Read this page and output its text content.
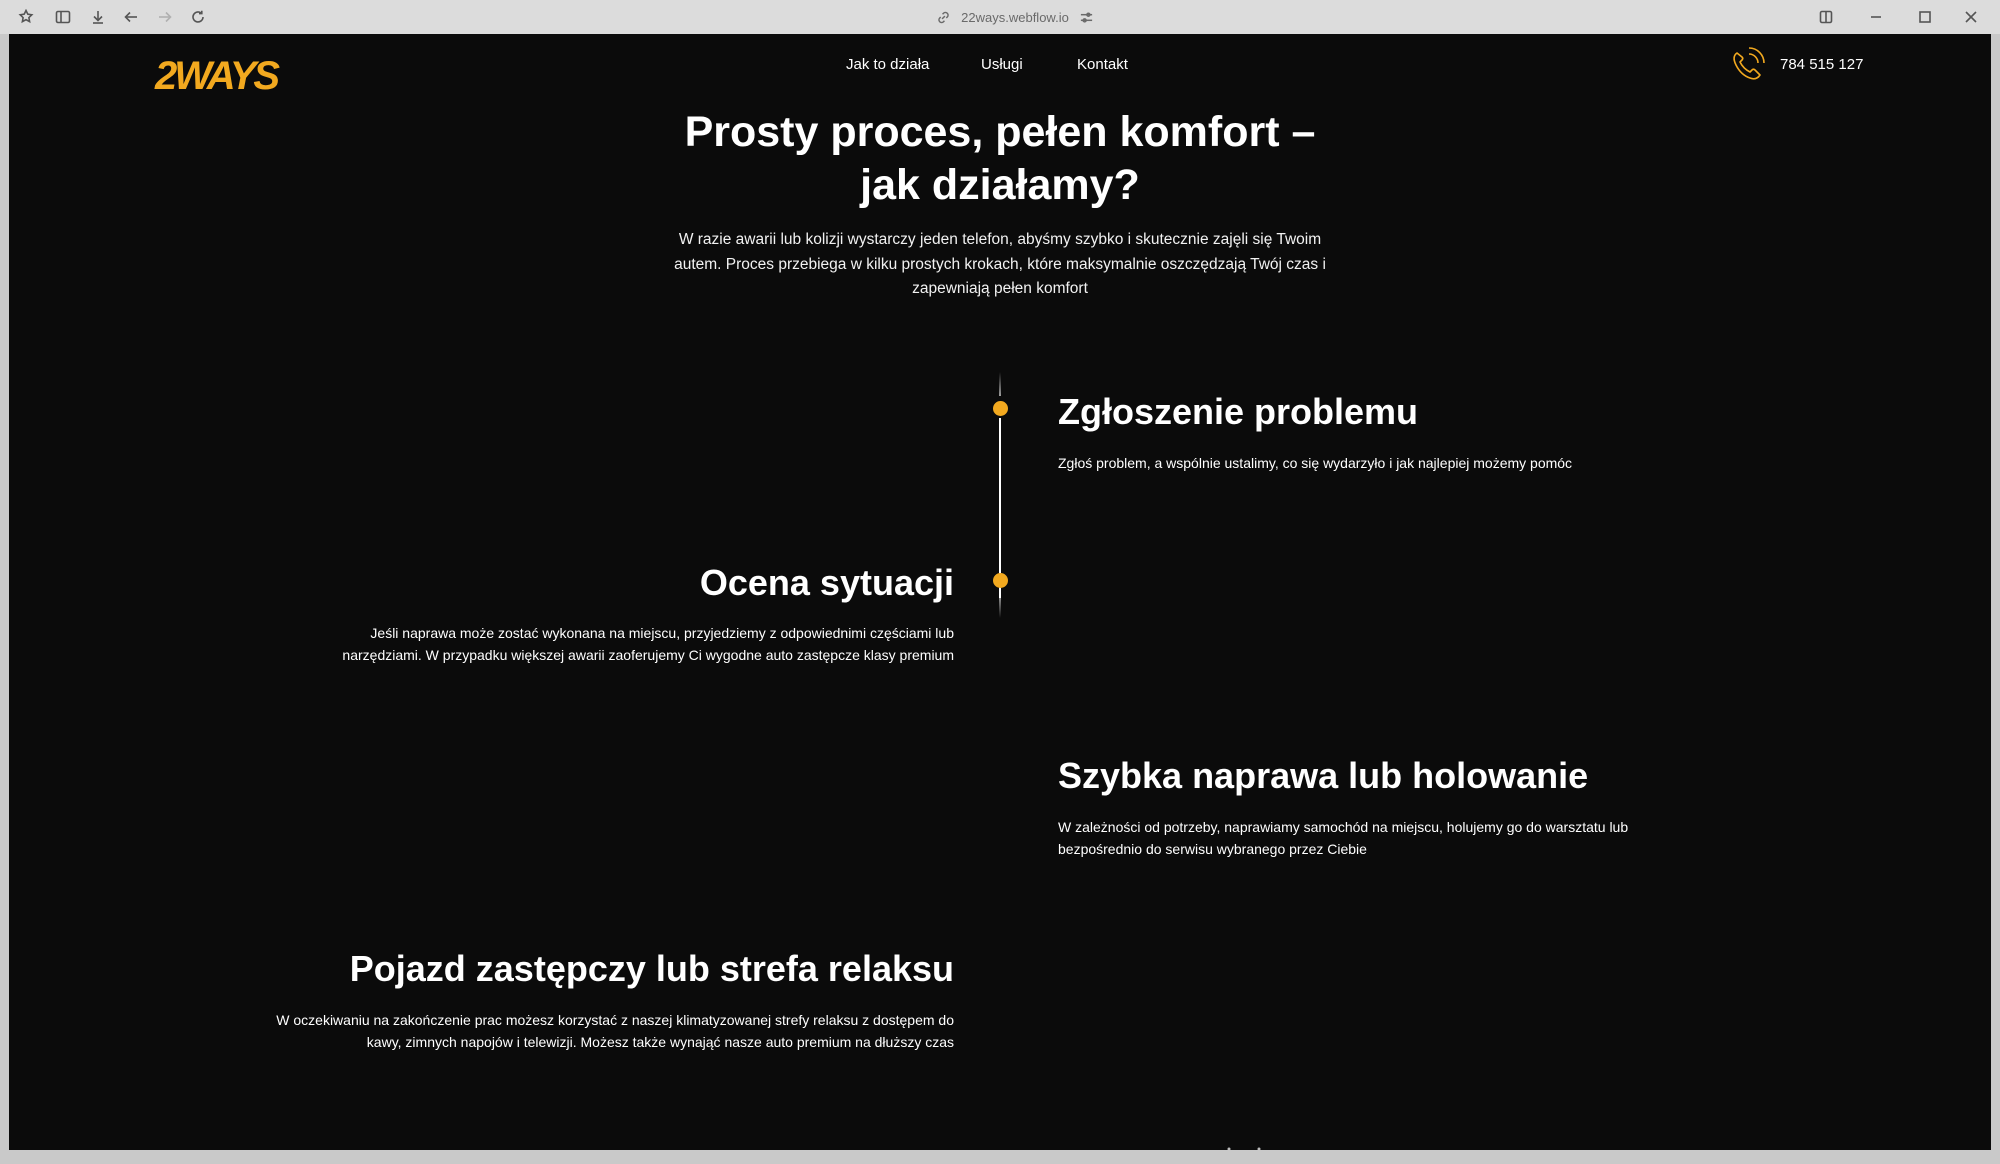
22ways.webflow.io
2WAYS	Jak to działa	Usługi	Kontakt	784 515 127
Prosty proces, pełen komfort –
jak działamy?

W razie awarii lub kolizji wystarczy jeden telefon, abyśmy szybko i skutecznie zajęli się Twoim autem. Proces przebiega w kilku prostych krokach, które maksymalnie oszczędzają Twój czas i zapewniają pełen komfort

Zgłoszenie problemu

Zgłoś problem, a wspólnie ustalimy, co się wydarzyło i jak najlepiej możemy pomóc

Ocena sytuacji

Jeśli naprawa może zostać wykonana na miejscu, przyjedziemy z odpowiednimi częściami lub narzędziami. W przypadku większej awarii zaoferujemy Ci wygodne auto zastępcze klasy premium

Szybka naprawa lub holowanie

W zależności od potrzeby, naprawiamy samochód na miejscu, holujemy go do warsztatu lub bezpośrednio do serwisu wybranego przez Ciebie

Pojazd zastępczy lub strefa relaksu

W oczekiwaniu na zakończenie prac możesz korzystać z naszej klimatyzowanej strefy relaksu z dostępem do kawy, zimnych napojów i telewizji. Możesz także wynająć nasze auto premium na dłuższy czas
